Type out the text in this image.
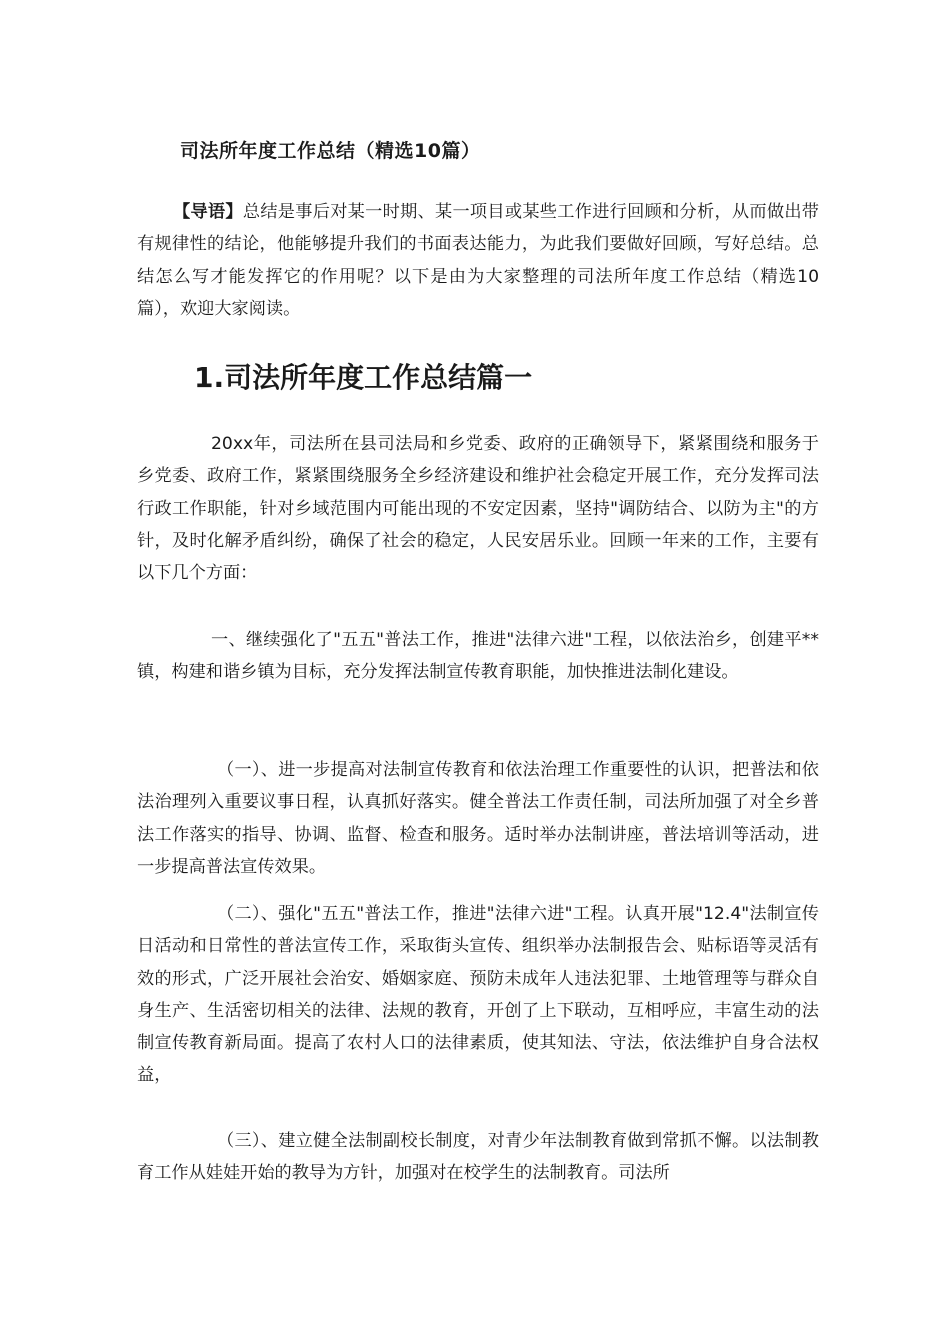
司法所年度工作总结（精选10篇）
【导语】总结是事后对某一时期、某一项目或某些工作进行回顾和分析，从而做出带有规律性的结论，他能够提升我们的书面表达能力，为此我们要做好回顾，写好总结。总结怎么写才能发挥它的作用呢？以下是由为大家整理的司法所年度工作总结（精选10篇），欢迎大家阅读。
1.司法所年度工作总结篇一
20xx年，司法所在县司法局和乡党委、政府的正确领导下，紧紧围绕和服务于乡党委、政府工作，紧紧围绕服务全乡经济建设和维护社会稳定开展工作，充分发挥司法行政工作职能，针对乡域范围内可能出现的不安定因素，坚持"调防结合、以防为主"的方针，及时化解矛盾纠纷，确保了社会的稳定，人民安居乐业。回顾一年来的工作，主要有以下几个方面：
一、继续强化了"五五"普法工作，推进"法律六进"工程，以依法治乡，创建平**镇，构建和谐乡镇为目标，充分发挥法制宣传教育职能，加快推进法制化建设。
（一）、进一步提高对法制宣传教育和依法治理工作重要性的认识，把普法和依法治理列入重要议事日程，认真抓好落实。健全普法工作责任制，司法所加强了对全乡普法工作落实的指导、协调、监督、检查和服务。适时举办法制讲座，普法培训等活动，进一步提高普法宣传效果。
（二）、强化"五五"普法工作，推进"法律六进"工程。认真开展"12.4"法制宣传日活动和日常性的普法宣传工作，采取街头宣传、组织举办法制报告会、贴标语等灵活有效的形式，广泛开展社会治安、婚姻家庭、预防未成年人违法犯罪、土地管理等与群众自身生产、生活密切相关的法律、法规的教育，开创了上下联动，互相呼应，丰富生动的法制宣传教育新局面。提高了农村人口的法律素质，使其知法、守法，依法维护自身合法权益，
（三）、建立健全法制副校长制度，对青少年法制教育做到常抓不懈。以法制教育工作从娃娃开始的教导为方针，加强对在校学生的法制教育。司法所
